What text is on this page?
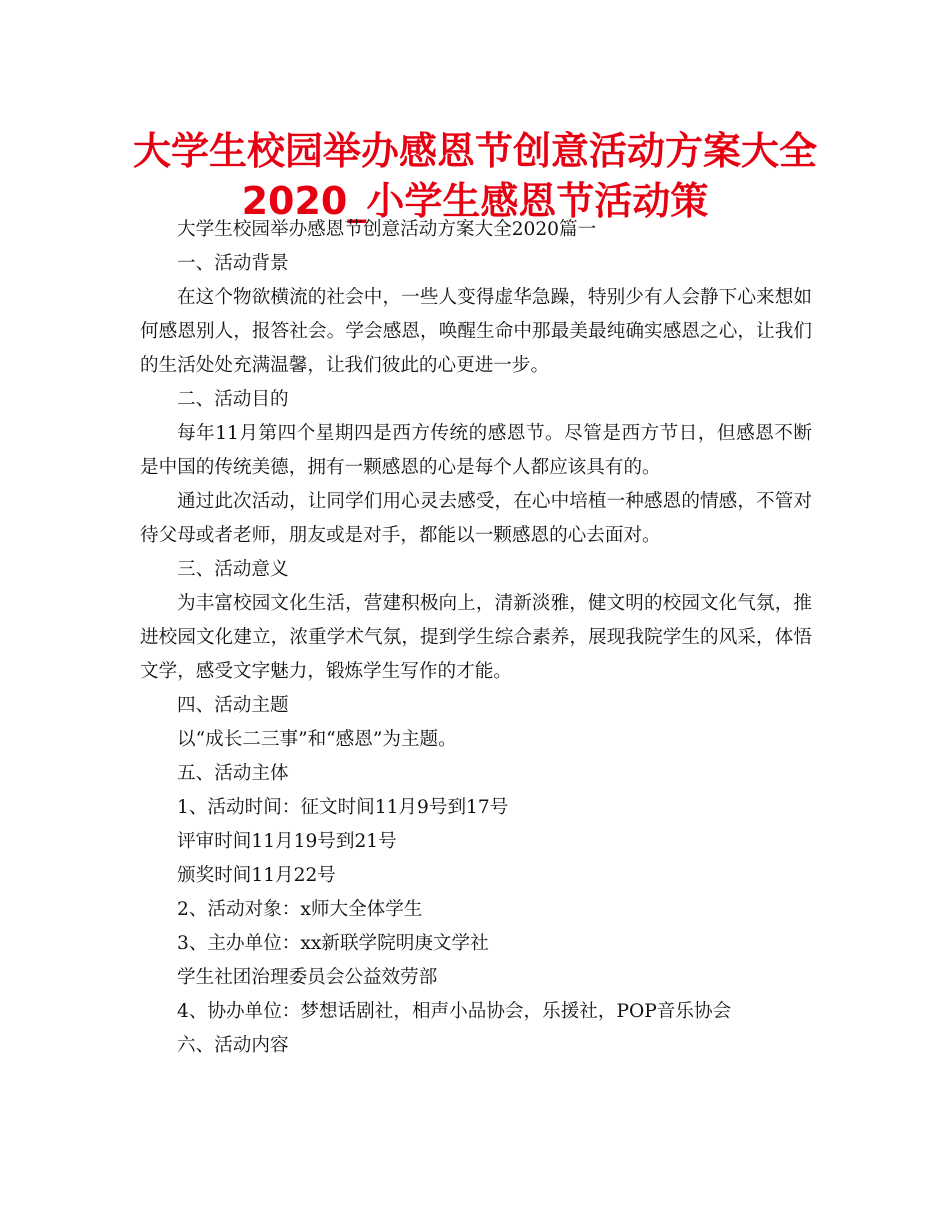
大学生校园举办感恩节创意活动方案大全
2020_小学生感恩节活动策

大学生校园举办感恩节创意活动方案大全2020篇一

一、活动背景

在这个物欲横流的社会中，一些人变得虚华急躁，特别少有人会静下心来想如何感恩别人，报答社会。学会感恩，唤醒生命中那最美最纯确实感恩之心，让我们的生活处处充满温馨，让我们彼此的心更进一步。

二、活动目的

每年11月第四个星期四是西方传统的感恩节。尽管是西方节日，但感恩不断是中国的传统美德，拥有一颗感恩的心是每个人都应该具有的。

通过此次活动，让同学们用心灵去感受，在心中培植一种感恩的情感，不管对待父母或者老师，朋友或是对手，都能以一颗感恩的心去面对。

三、活动意义

为丰富校园文化生活，营建积极向上，清新淡雅，健文明的校园文化气氛，推进校园文化建立，浓重学术气氛，提到学生综合素养，展现我院学生的风采，体悟文学，感受文字魅力，锻炼学生写作的才能。

四、活动主题

以“成长二三事”和“感恩”为主题。

五、活动主体

1、活动时间：征文时间11月9号到17号

评审时间11月19号到21号

颁奖时间11月22号

2、活动对象：x师大全体学生

3、主办单位：xx新联学院明庚文学社

学生社团治理委员会公益效劳部

4、协办单位：梦想话剧社，相声小品协会，乐援社，POP音乐协会

六、活动内容
